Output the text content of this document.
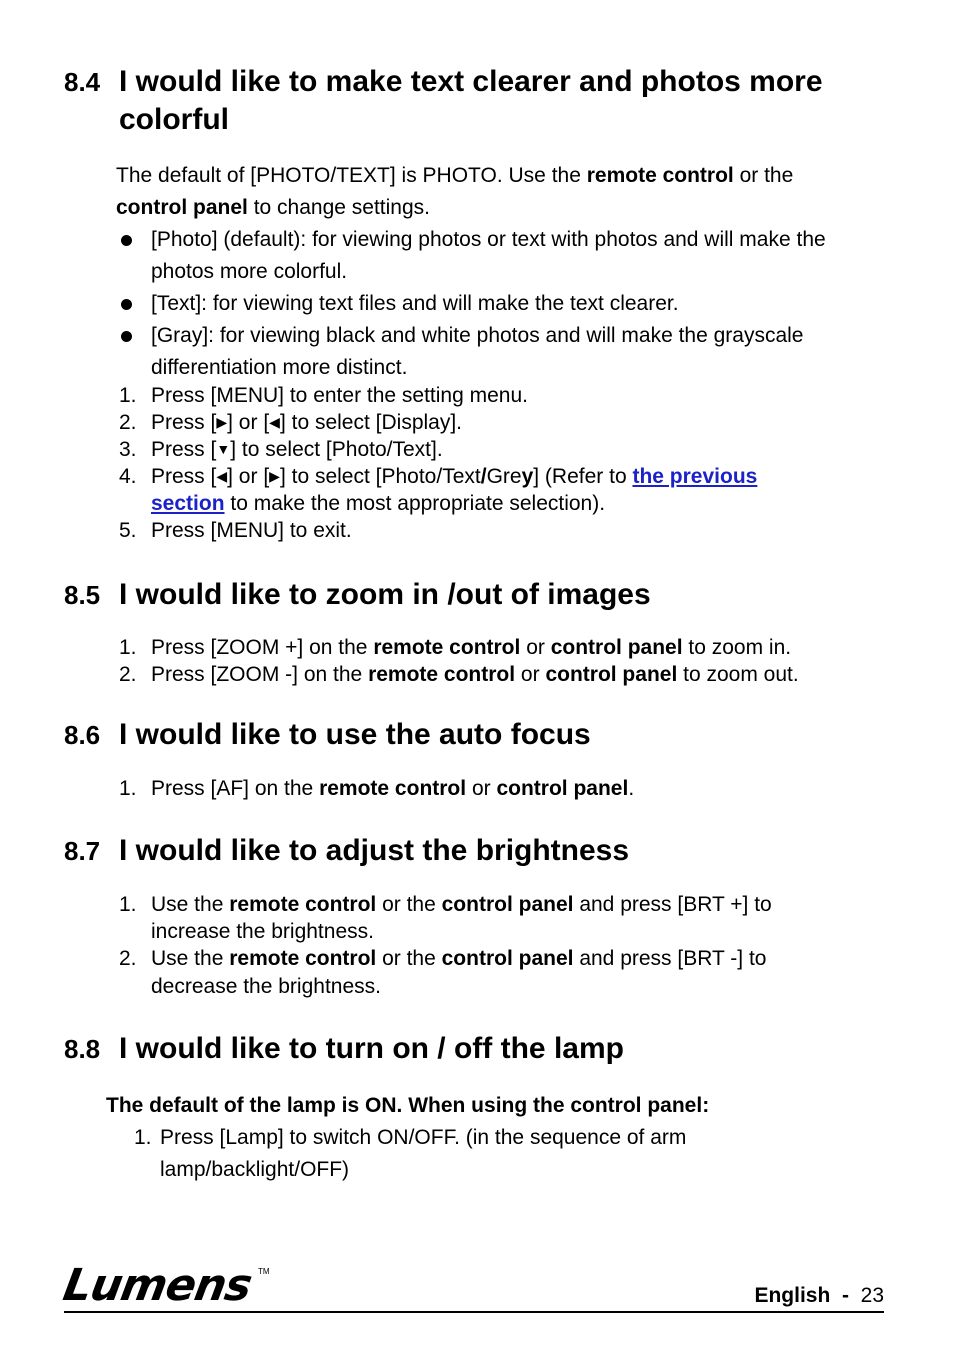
8.4 I would like to make text clearer and photos more
colorful

The default of [PHOTO/TEXT] is PHOTO. Use the remote control or the

control panel to change settings.

[Photo] (default): for viewing photos or text with photos and will make the
photos more colorful.
[Text]: for viewing text files and will make the text clearer.
[Gray]: for viewing black and white photos and will make the grayscale
differentiation more distinct.
1. Press [MENU] to enter the setting menu.
2. Press [▶] or [◀] to select [Display].
3. Press [▼] to select [Photo/Text].
4. Press [◀] or [▶] to select [Photo/Text/Grey] (Refer to the previous
section to make the most appropriate selection).
5. Press [MENU] to exit.
8.5 I would like to zoom in /out of images
1. Press [ZOOM +] on the remote control or control panel to zoom in.
2. Press [ZOOM -] on the remote control or control panel to zoom out.
8.6 I would like to use the auto focus
1. Press [AF] on the remote control or control panel.
8.7 I would like to adjust the brightness
1. Use the remote control or the control panel and press [BRT +] to
increase the brightness.
2. Use the remote control or the control panel and press [BRT -] to
decrease the brightness.
8.8 I would like to turn on / off the lamp

The default of the lamp is ON. When using the control panel:

1. Press [Lamp] to switch ON/OFF. (in the sequence of arm
lamp/backlight/OFF)
Lumens TM
English - 23
